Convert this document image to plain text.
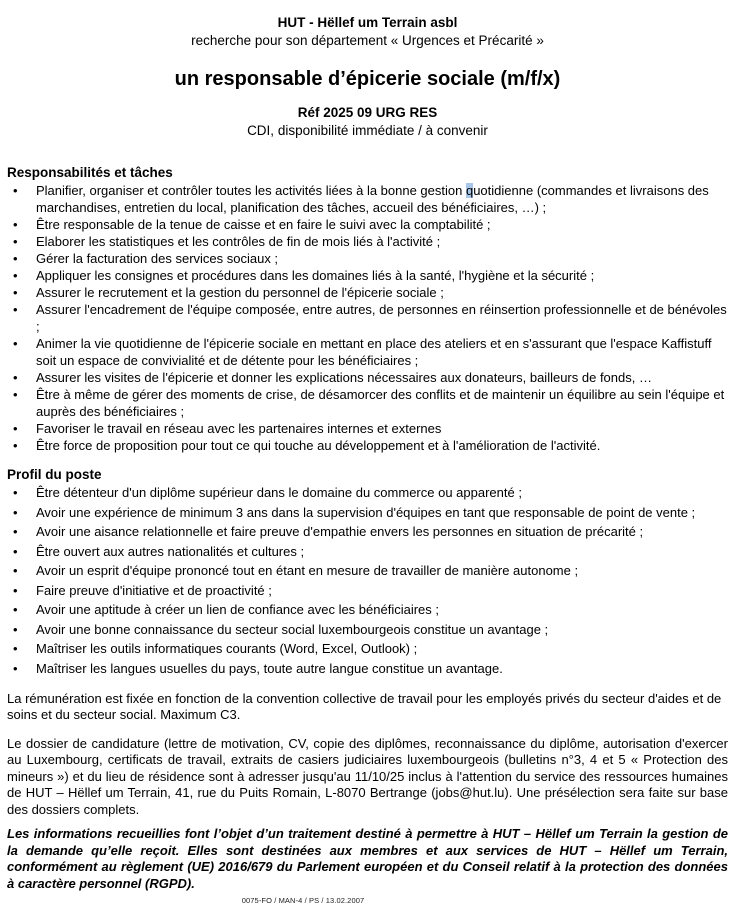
HUT - Hëllef um Terrain asbl
recherche pour son département « Urgences et Précarité »
un responsable d’épicerie sociale (m/f/x)
Réf 2025 09 URG RES
CDI, disponibilité immédiate / à convenir
Responsabilités et tâches
• Planifier, organiser et contrôler toutes les activités liées à la bonne gestion quotidienne (commandes et livraisons des marchandises, entretien du local, planification des tâches, accueil des bénéficiaires, …) ;
• Être responsable de la tenue de caisse et en faire le suivi avec la comptabilité ;
• Elaborer les statistiques et les contrôles de fin de mois liés à l'activité ;
• Gérer la facturation des services sociaux ;
• Appliquer les consignes et procédures dans les domaines liés à la santé, l'hygiène et la sécurité ;
• Assurer le recrutement et la gestion du personnel de l'épicerie sociale ;
• Assurer l'encadrement de l'équipe composée, entre autres, de personnes en réinsertion professionnelle et de bénévoles ;
• Animer la vie quotidienne de l'épicerie sociale en mettant en place des ateliers et en s'assurant que l'espace Kaffistuff soit un espace de convivialité et de détente pour les bénéficiaires ;
• Assurer les visites de l'épicerie et donner les explications nécessaires aux donateurs, bailleurs de fonds, …
• Être à même de gérer des moments de crise, de désamorcer des conflits et de maintenir un équilibre au sein l'équipe et auprès des bénéficiaires ;
• Favoriser le travail en réseau avec les partenaires internes et externes
• Être force de proposition pour tout ce qui touche au développement et à l'amélioration de l'activité.
Profil du poste
• Être détenteur d'un diplôme supérieur dans le domaine du commerce ou apparenté ;
• Avoir une expérience de minimum 3 ans dans la supervision d'équipes en tant que responsable de point de vente ;
• Avoir une aisance relationnelle et faire preuve d'empathie envers les personnes en situation de précarité ;
• Être ouvert aux autres nationalités et cultures ;
• Avoir un esprit d'équipe prononcé tout en étant en mesure de travailler de manière autonome ;
• Faire preuve d'initiative et de proactivité ;
• Avoir une aptitude à créer un lien de confiance avec les bénéficiaires ;
• Avoir une bonne connaissance du secteur social luxembourgeois constitue un avantage ;
• Maîtriser les outils informatiques courants (Word, Excel, Outlook) ;
• Maîtriser les langues usuelles du pays, toute autre langue constitue un avantage.

La rémunération est fixée en fonction de la convention collective de travail pour les employés privés du secteur d'aides et de soins et du secteur social. Maximum C3.

Le dossier de candidature (lettre de motivation, CV, copie des diplômes, reconnaissance du diplôme, autorisation d'exercer au Luxembourg, certificats de travail, extraits de casiers judiciaires luxembourgeois (bulletins n°3, 4 et 5 « Protection des mineurs ») et du lieu de résidence sont à adresser jusqu'au 11/10/25 inclus à l'attention du service des ressources humaines de HUT – Hëllef um Terrain, 41, rue du Puits Romain, L-8070 Bertrange (jobs@hut.lu). Une présélection sera faite sur base des dossiers complets.

Les informations recueillies font l’objet d’un traitement destiné à permettre à HUT – Hëllef um Terrain la gestion de la demande qu’elle reçoit. Elles sont destinées aux membres et aux services de HUT – Hëllef um Terrain, conformément au règlement (UE) 2016/679 du Parlement européen et du Conseil relatif à la protection des données à caractère personnel (RGPD).

0075-FO / MAN-4 / PS / 13.02.2007
